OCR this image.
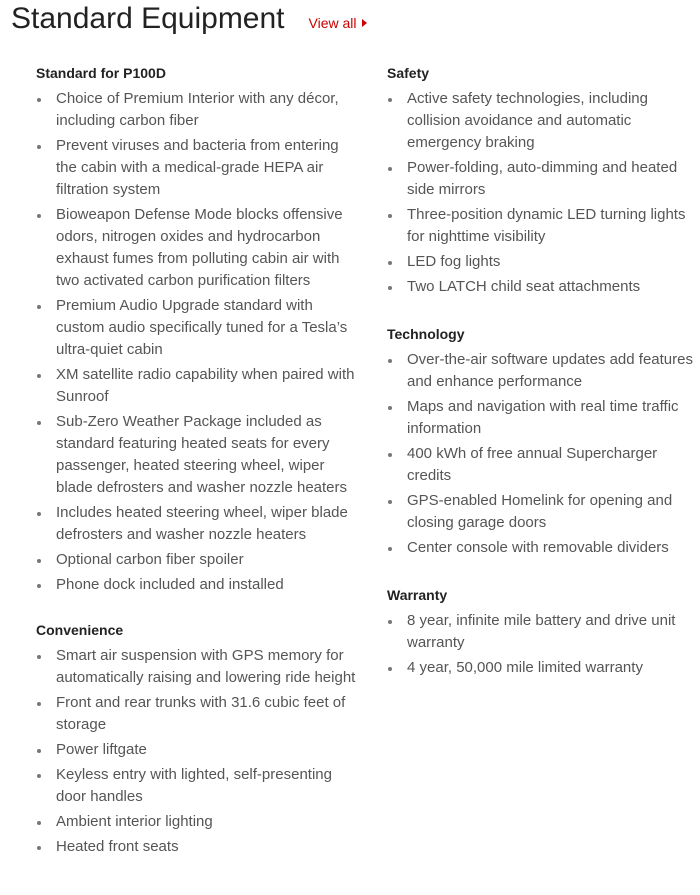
Standard Equipment View all
Standard for P100D
Choice of Premium Interior with any décor, including carbon fiber
Prevent viruses and bacteria from entering the cabin with a medical-grade HEPA air filtration system
Bioweapon Defense Mode blocks offensive odors, nitrogen oxides and hydrocarbon exhaust fumes from polluting cabin air with two activated carbon purification filters
Premium Audio Upgrade standard with custom audio specifically tuned for a Tesla’s ultra-quiet cabin
XM satellite radio capability when paired with Sunroof
Sub-Zero Weather Package included as standard featuring heated seats for every passenger, heated steering wheel, wiper blade defrosters and washer nozzle heaters
Includes heated steering wheel, wiper blade defrosters and washer nozzle heaters
Optional carbon fiber spoiler
Phone dock included and installed
Convenience
Smart air suspension with GPS memory for automatically raising and lowering ride height
Front and rear trunks with 31.6 cubic feet of storage
Power liftgate
Keyless entry with lighted, self-presenting door handles
Ambient interior lighting
Heated front seats
Safety
Active safety technologies, including collision avoidance and automatic emergency braking
Power-folding, auto-dimming and heated side mirrors
Three-position dynamic LED turning lights for nighttime visibility
LED fog lights
Two LATCH child seat attachments
Technology
Over-the-air software updates add features and enhance performance
Maps and navigation with real time traffic information
400 kWh of free annual Supercharger credits
GPS-enabled Homelink for opening and closing garage doors
Center console with removable dividers
Warranty
8 year, infinite mile battery and drive unit warranty
4 year, 50,000 mile limited warranty
